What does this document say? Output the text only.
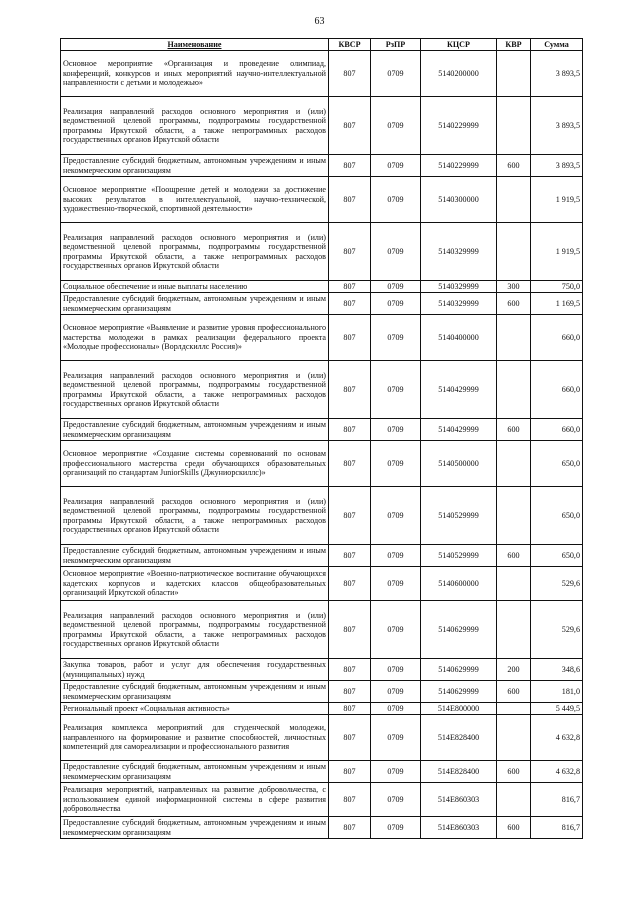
63
Наименование	КВСР	РзПР	КЦСР	КВР	Сумма
Основное мероприятие «Организация и проведение олимпиад, конференций, конкурсов и иных мероприятий научно-интеллектуальной направленности с детьми и молодежью»	807	0709	5140200000		3 893,5
Реализация направлений расходов основного мероприятия и (или) ведомственной целевой программы, подпрограммы государственной программы Иркутской области, а также непрограммных расходов государственных органов Иркутской области	807	0709	5140229999		3 893,5
Предоставление субсидий бюджетным, автономным учреждениям и иным некоммерческим организациям	807	0709	5140229999	600	3 893,5
Основное мероприятие «Поощрение детей и молодежи за достижение высоких результатов в интеллектуальной, научно-технической, художественно-творческой, спортивной деятельности»	807	0709	5140300000		1 919,5
Реализация направлений расходов основного мероприятия и (или) ведомственной целевой программы, подпрограммы государственной программы Иркутской области, а также непрограммных расходов государственных органов Иркутской области	807	0709	5140329999		1 919,5
Социальное обеспечение и иные выплаты населению	807	0709	5140329999	300	750,0
Предоставление субсидий бюджетным, автономным учреждениям и иным некоммерческим организациям	807	0709	5140329999	600	1 169,5
Основное мероприятие «Выявление и развитие уровня профессионального мастерства молодежи в рамках реализации федерального проекта «Молодые профессионалы» (Ворлдскиллс Россия)»	807	0709	5140400000		660,0
Реализация направлений расходов основного мероприятия и (или) ведомственной целевой программы, подпрограммы государственной программы Иркутской области, а также непрограммных расходов государственных органов Иркутской области	807	0709	5140429999		660,0
Предоставление субсидий бюджетным, автономным учреждениям и иным некоммерческим организациям	807	0709	5140429999	600	660,0
Основное мероприятие «Создание системы соревнований по основам профессионального мастерства среди обучающихся образовательных организаций по стандартам JuniorSkills (Джуниорскиллс)»	807	0709	5140500000		650,0
Реализация направлений расходов основного мероприятия и (или) ведомственной целевой программы, подпрограммы государственной программы Иркутской области, а также непрограммных расходов государственных органов Иркутской области	807	0709	5140529999		650,0
Предоставление субсидий бюджетным, автономным учреждениям и иным некоммерческим организациям	807	0709	5140529999	600	650,0
Основное мероприятие «Военно-патриотическое воспитание обучающихся кадетских корпусов и кадетских классов общеобразовательных организаций Иркутской области»	807	0709	5140600000		529,6
Реализация направлений расходов основного мероприятия и (или) ведомственной целевой программы, подпрограммы государственной программы Иркутской области, а также непрограммных расходов государственных органов Иркутской области	807	0709	5140629999		529,6
Закупка товаров, работ и услуг для обеспечения государственных (муниципальных) нужд	807	0709	5140629999	200	348,6
Предоставление субсидий бюджетным, автономным учреждениям и иным некоммерческим организациям	807	0709	5140629999	600	181,0
Региональный проект «Социальная активность»	807	0709	514E800000		5 449,5
Реализация комплекса мероприятий для студенческой молодежи, направленного на формирование и развитие способностей, личностных компетенций для самореализации и профессионального развития	807	0709	514E828400		4 632,8
Предоставление субсидий бюджетным, автономным учреждениям и иным некоммерческим организациям	807	0709	514E828400	600	4 632,8
Реализация мероприятий, направленных на развитие добровольчества, с использованием единой информационной системы в сфере развития добровольчества	807	0709	514E860303		816,7
Предоставление субсидий бюджетным, автономным учреждениям и иным некоммерческим организациям	807	0709	514E860303	600	816,7
